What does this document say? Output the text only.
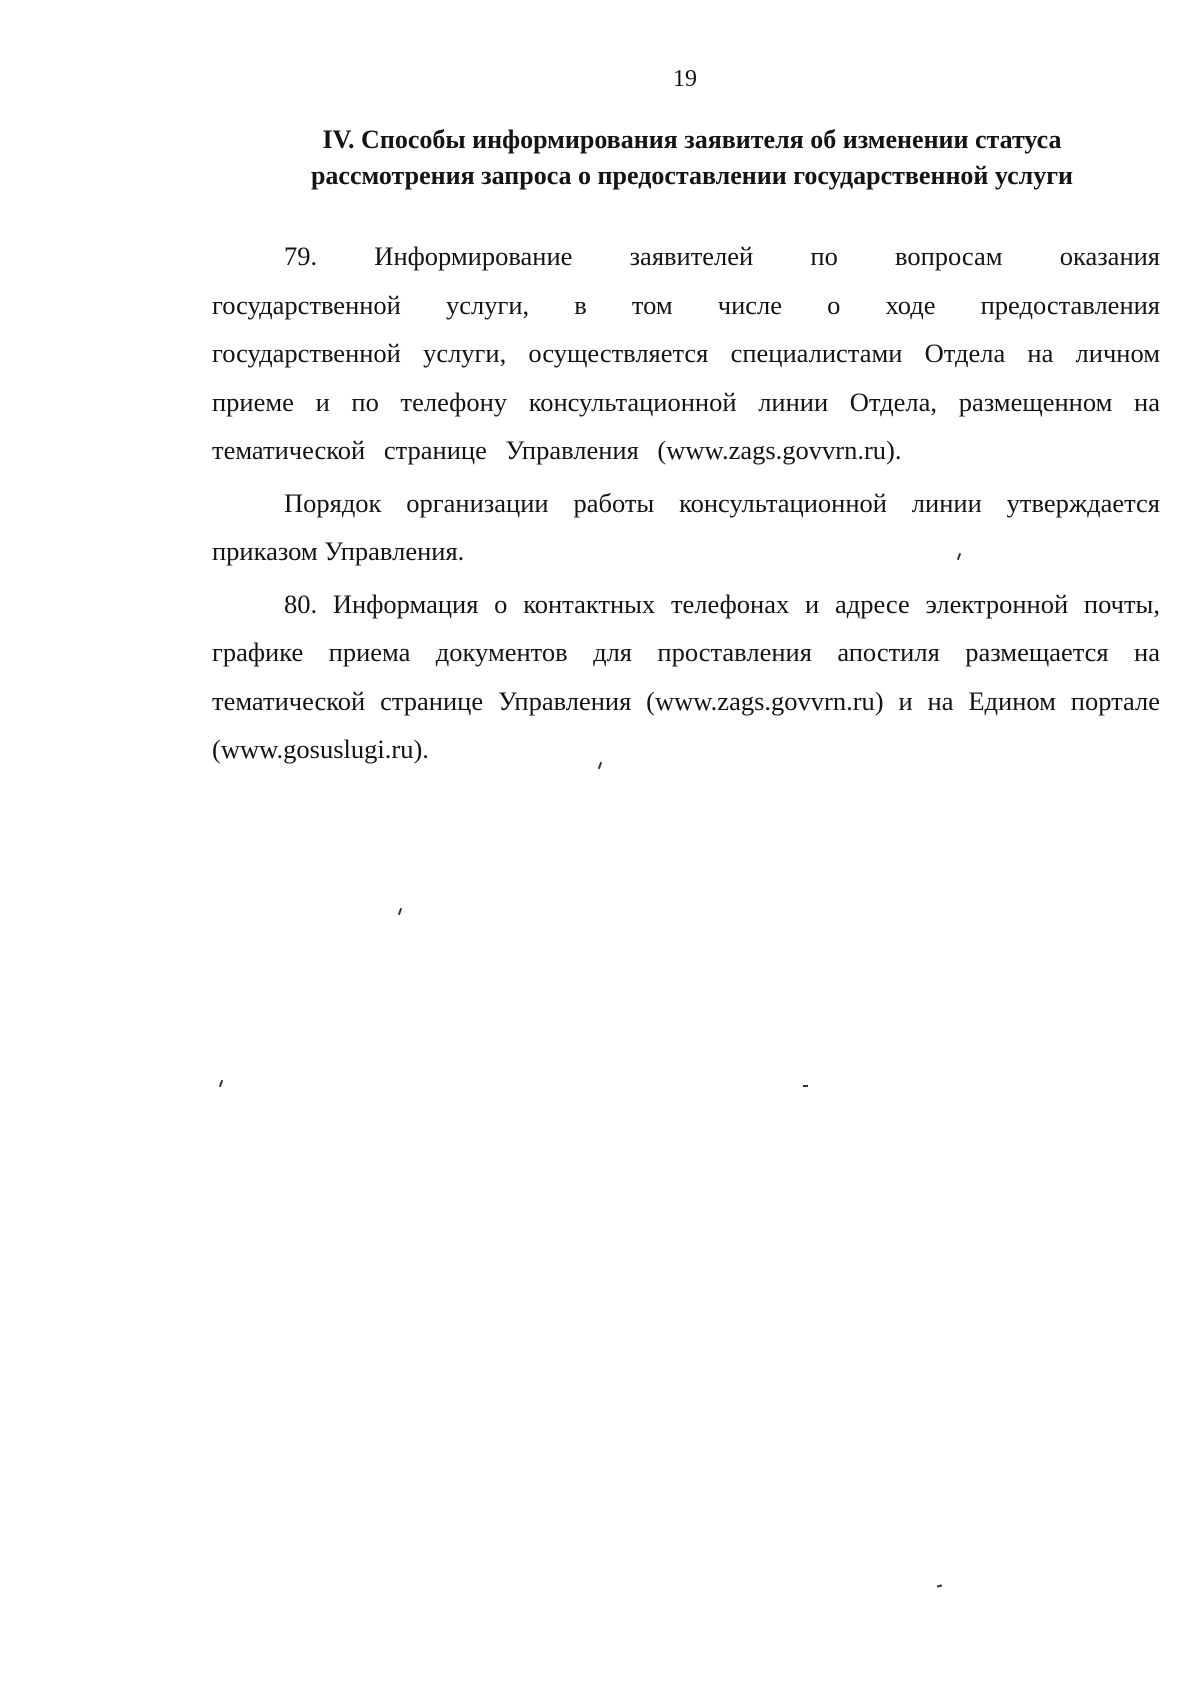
19
IV. Способы информирования заявителя об изменении статуса
рассмотрения запроса о предоставлении государственной услуги

79. Информирование заявителей по вопросам оказания государственной услуги, в том числе о ходе предоставления государственной услуги, осуществляется специалистами Отдела на личном приеме и по телефону консультационной линии Отдела, размещенном на тематической странице Управления (www.zags.govvrn.ru).

Порядок организации работы консультационной линии утверждается приказом Управления.

80. Информация о контактных телефонах и адресе электронной почты, графике приема документов для проставления апостиля размещается на тематической странице Управления (www.zags.govvrn.ru) и на Едином портале (www.gosuslugi.ru).
